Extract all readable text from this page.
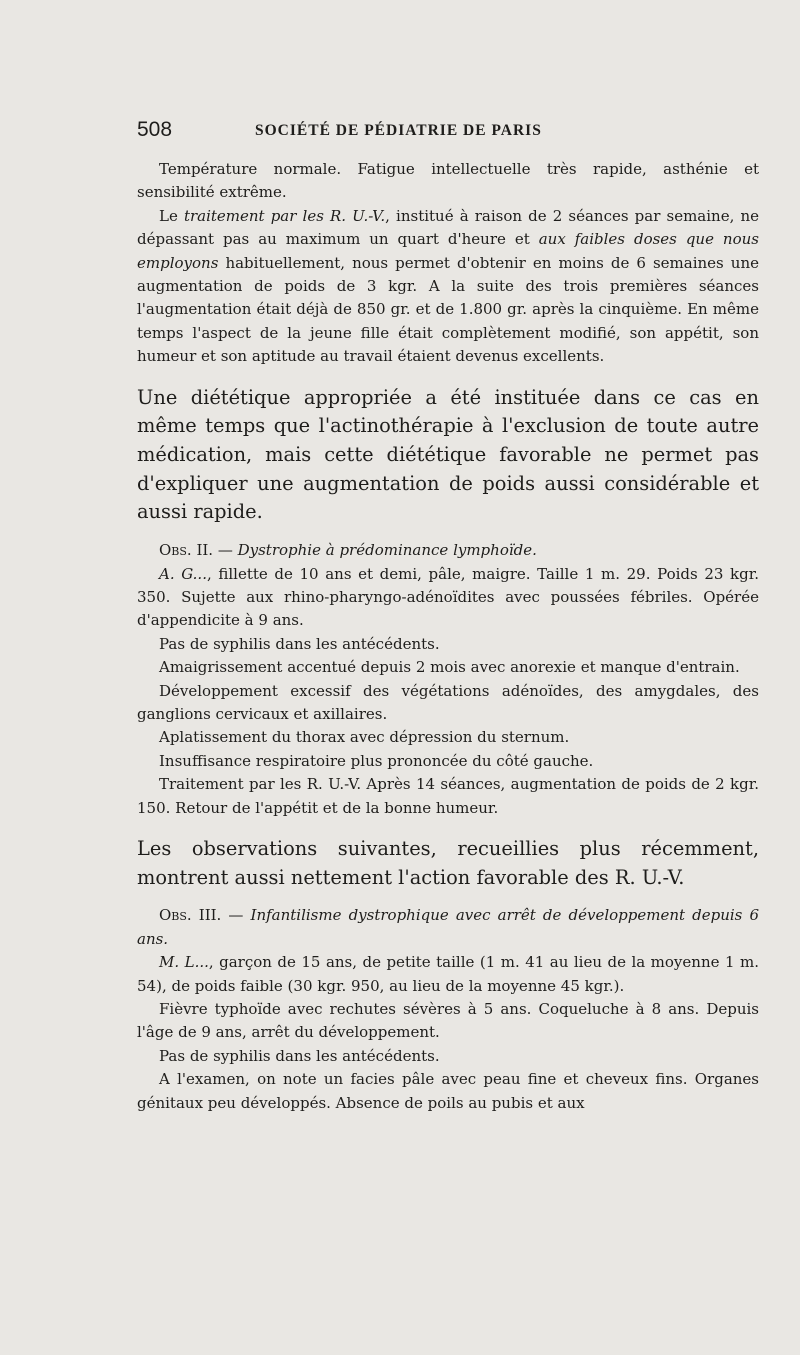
508	SOCIÉTÉ DE PÉDIATRIE DE PARIS

Température normale. Fatigue intellectuelle très rapide, asthénie et sensibilité extrême.

Le traitement par les R. U.-V., institué à raison de 2 séances par semaine, ne dépassant pas au maximum un quart d'heure et aux faibles doses que nous employons habituellement, nous permet d'obtenir en moins de 6 semaines une augmentation de poids de 3 kgr. A la suite des trois premières séances l'augmentation était déjà de 850 gr. et de 1.800 gr. après la cinquième. En même temps l'aspect de la jeune fille était complètement modifié, son appétit, son humeur et son aptitude au travail étaient devenus excellents.

Une diététique appropriée a été instituée dans ce cas en même temps que l'actinothérapie à l'exclusion de toute autre médication, mais cette diététique favorable ne permet pas d'expliquer une augmentation de poids aussi considérable et aussi rapide.

Obs. II. — Dystrophie à prédominance lymphoïde.

A. G..., fillette de 10 ans et demi, pâle, maigre. Taille 1 m. 29. Poids 23 kgr. 350. Sujette aux rhino-pharyngo-adénoïdites avec poussées fébriles. Opérée d'appendicite à 9 ans.

Pas de syphilis dans les antécédents.

Amaigrissement accentué depuis 2 mois avec anorexie et manque d'entrain.

Développement excessif des végétations adénoïdes, des amygdales, des ganglions cervicaux et axillaires.

Aplatissement du thorax avec dépression du sternum.

Insuffisance respiratoire plus prononcée du côté gauche.

Traitement par les R. U.-V. Après 14 séances, augmentation de poids de 2 kgr. 150. Retour de l'appétit et de la bonne humeur.

Les observations suivantes, recueillies plus récemment, montrent aussi nettement l'action favorable des R. U.-V.

Obs. III. — Infantilisme dystrophique avec arrêt de développement depuis 6 ans.

M. L..., garçon de 15 ans, de petite taille (1 m. 41 au lieu de la moyenne 1 m. 54), de poids faible (30 kgr. 950, au lieu de la moyenne 45 kgr.).

Fièvre typhoïde avec rechutes sévères à 5 ans. Coqueluche à 8 ans. Depuis l'âge de 9 ans, arrêt du développement.

Pas de syphilis dans les antécédents.

A l'examen, on note un facies pâle avec peau fine et cheveux fins. Organes génitaux peu développés. Absence de poils au pubis et aux
